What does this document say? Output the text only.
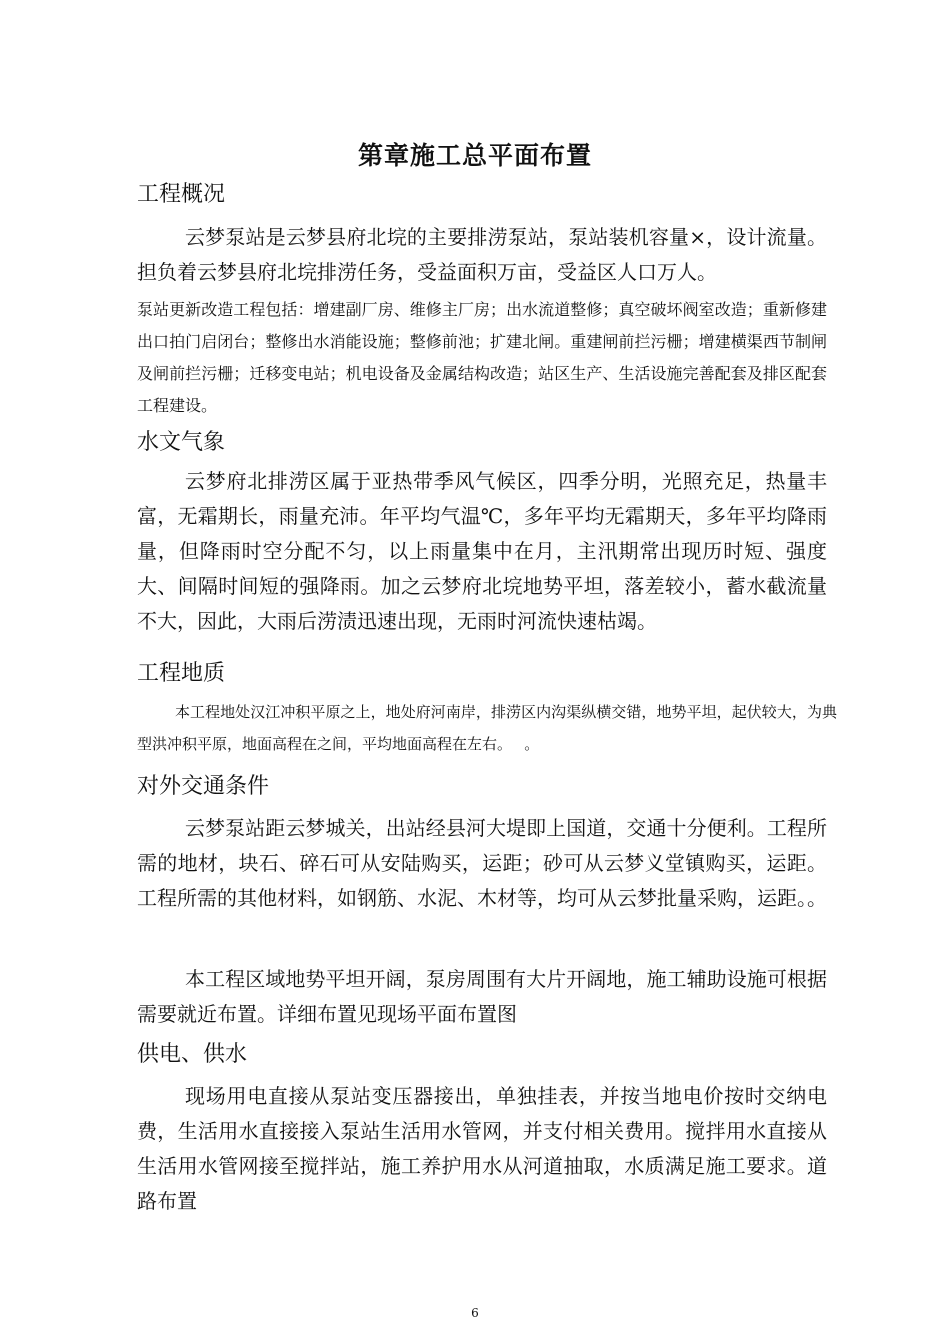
第章施工总平面布置
工程概况

云梦泵站是云梦县府北垸的主要排涝泵站，泵站装机容量×，设计流量。担负着云梦县府北垸排涝任务，受益面积万亩，受益区人口万人。

泵站更新改造工程包括：增建副厂房、维修主厂房；出水流道整修；真空破坏阀室改造；重新修建出口拍门启闭台；整修出水消能设施；整修前池；扩建北闸。重建闸前拦污栅；增建横渠西节制闸及闸前拦污栅；迁移变电站；机电设备及金属结构改造；站区生产、生活设施完善配套及排区配套工程建设。

水文气象

云梦府北排涝区属于亚热带季风气候区，四季分明，光照充足，热量丰富，无霜期长，雨量充沛。年平均气温℃，多年平均无霜期天，多年平均降雨量，但降雨时空分配不匀，以上雨量集中在月，主汛期常出现历时短、强度大、间隔时间短的强降雨。加之云梦府北垸地势平坦，落差较小，蓄水截流量不大，因此，大雨后涝渍迅速出现，无雨时河流快速枯竭。

工程地质

本工程地处汉江冲积平原之上，地处府河南岸，排涝区内沟渠纵横交错，地势平坦，起伏较大，为典型洪冲积平原，地面高程在之间，平均地面高程在左右。　 。

对外交通条件

云梦泵站距云梦城关，出站经县河大堤即上国道，交通十分便利。工程所需的地材，块石、碎石可从安陆购买，运距；砂可从云梦义堂镇购买，运距。工程所需的其他材料，如钢筋、水泥、木材等，均可从云梦批量采购，运距。。

本工程区域地势平坦开阔，泵房周围有大片开阔地，施工辅助设施可根据需要就近布置。详细布置见现场平面布置图

供电、供水

现场用电直接从泵站变压器接出，单独挂表，并按当地电价按时交纳电费，生活用水直接接入泵站生活用水管网，并支付相关费用。搅拌用水直接从生活用水管网接至搅拌站，施工养护用水从河道抽取，水质满足施工要求。道路布置

6
